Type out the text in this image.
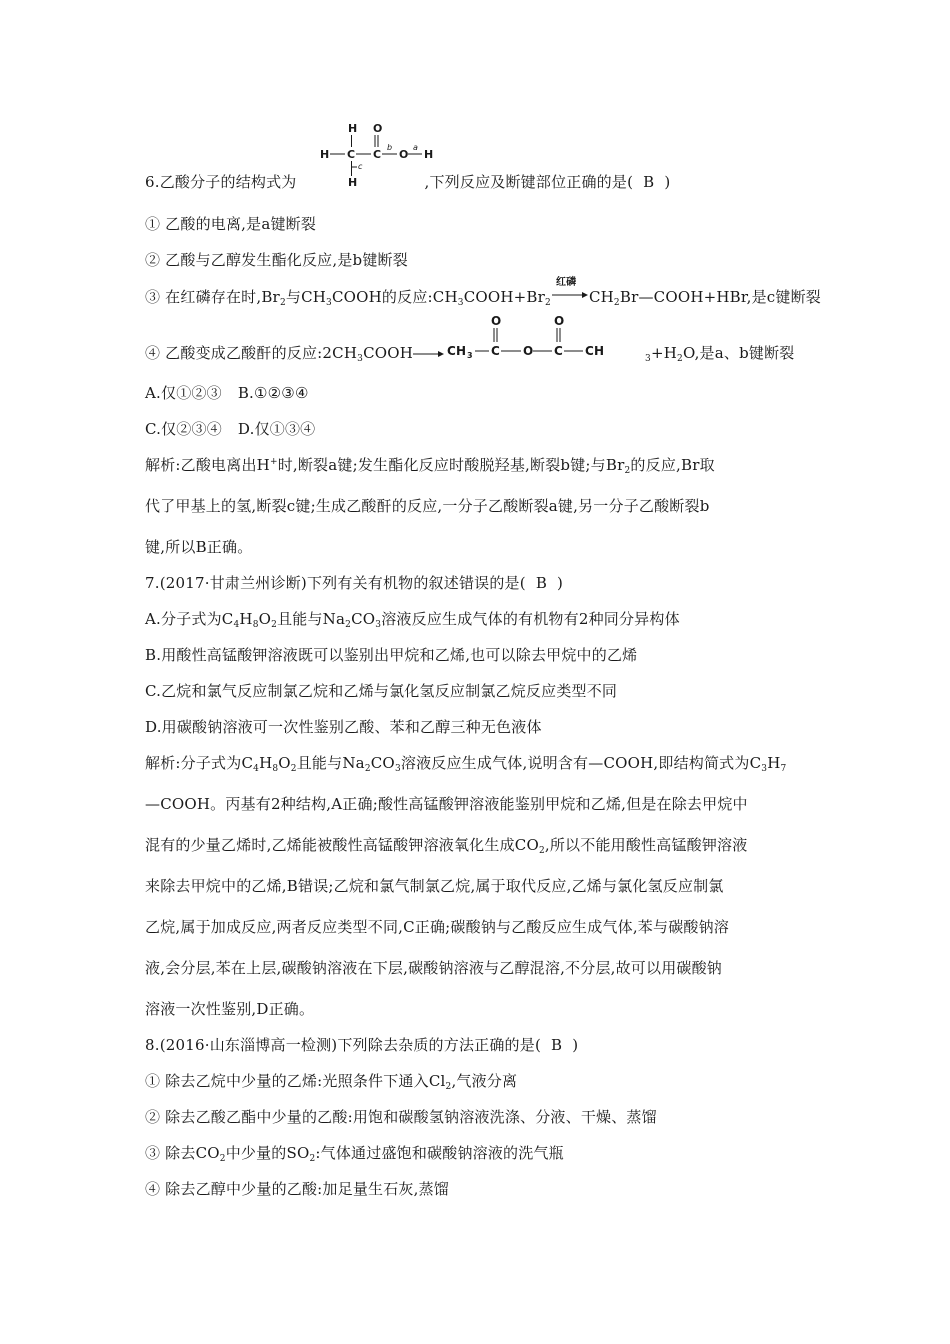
H O
H C C O H
H
b	a
c
6.乙酸分子的结构式为	,下列反应及断键部位正确的是( B )
① 乙酸的电离,是a键断裂
② 乙酸与乙醇发生酯化反应,是b键断裂
③ 在红磷存在时$,Br_2$与$CH_3COOH$的反应$:CH_3COOH+Br_2$
红磷
$CH_2Br—COOH+HBr$,是c键断裂
④ 乙酸变成乙酸酐的反应$:2CH_3COOH\to$ CH 3 C O C CH
O	O
$_3+H_2O$,是a、b键断裂
A.仅①②③ B.①②③④
C.仅②③④ D.仅①③④
解析:乙酸电离出H+时,断裂a键;发生酯化反应时酸脱羟基,断裂b键;与$Br_2$的反应,Br取
代了甲基上的氢,断裂c键;生成乙酸酐的反应,一分子乙酸断裂a键,另一分子乙酸断裂b
键,所以B正确。
7.(2017·甘肃兰州诊断)下列有关有机物的叙述错误的是( B )
A.分子式为$C_4H_8O_2$且能与$Na_2CO_3$溶液反应生成气体的有机物有2种同分异构体
B.用酸性高锰酸钾溶液既可以鉴别出甲烷和乙烯,也可以除去甲烷中的乙烯
C.乙烷和氯气反应制氯乙烷和乙烯与氯化氢反应制氯乙烷反应类型不同
D.用碳酸钠溶液可一次性鉴别乙酸、苯和乙醇三种无色液体
解析:分子式为$C_4H_8O_2$且能与$Na_2CO_3$溶液反应生成气体,说明含有—COOH,即结构简式为$C_3H_7$
—COOH。丙基有2种结构,A正确;酸性高锰酸钾溶液能鉴别甲烷和乙烯,但是在除去甲烷中
混有的少量乙烯时,乙烯能被酸性高锰酸钾溶液氧化生成$CO_2$,所以不能用酸性高锰酸钾溶液
来除去甲烷中的乙烯,B错误;乙烷和氯气制氯乙烷,属于取代反应,乙烯与氯化氢反应制氯
乙烷,属于加成反应,两者反应类型不同,C正确;碳酸钠与乙酸反应生成气体,苯与碳酸钠溶
液,会分层,苯在上层,碳酸钠溶液在下层,碳酸钠溶液与乙醇混溶,不分层,故可以用碳酸钠
溶液一次性鉴别,D正确。
8.(2016·山东淄博高一检测)下列除去杂质的方法正确的是( B )
① 除去乙烷中少量的乙烯:光照条件下通入$Cl_2$,气液分离
② 除去乙酸乙酯中少量的乙酸:用饱和碳酸氢钠溶液洗涤、分液、干燥、蒸馏
③ 除去$CO_2$中少量的$SO_2$:气体通过盛饱和碳酸钠溶液的洗气瓶
④ 除去乙醇中少量的乙酸:加足量生石灰,蒸馏
